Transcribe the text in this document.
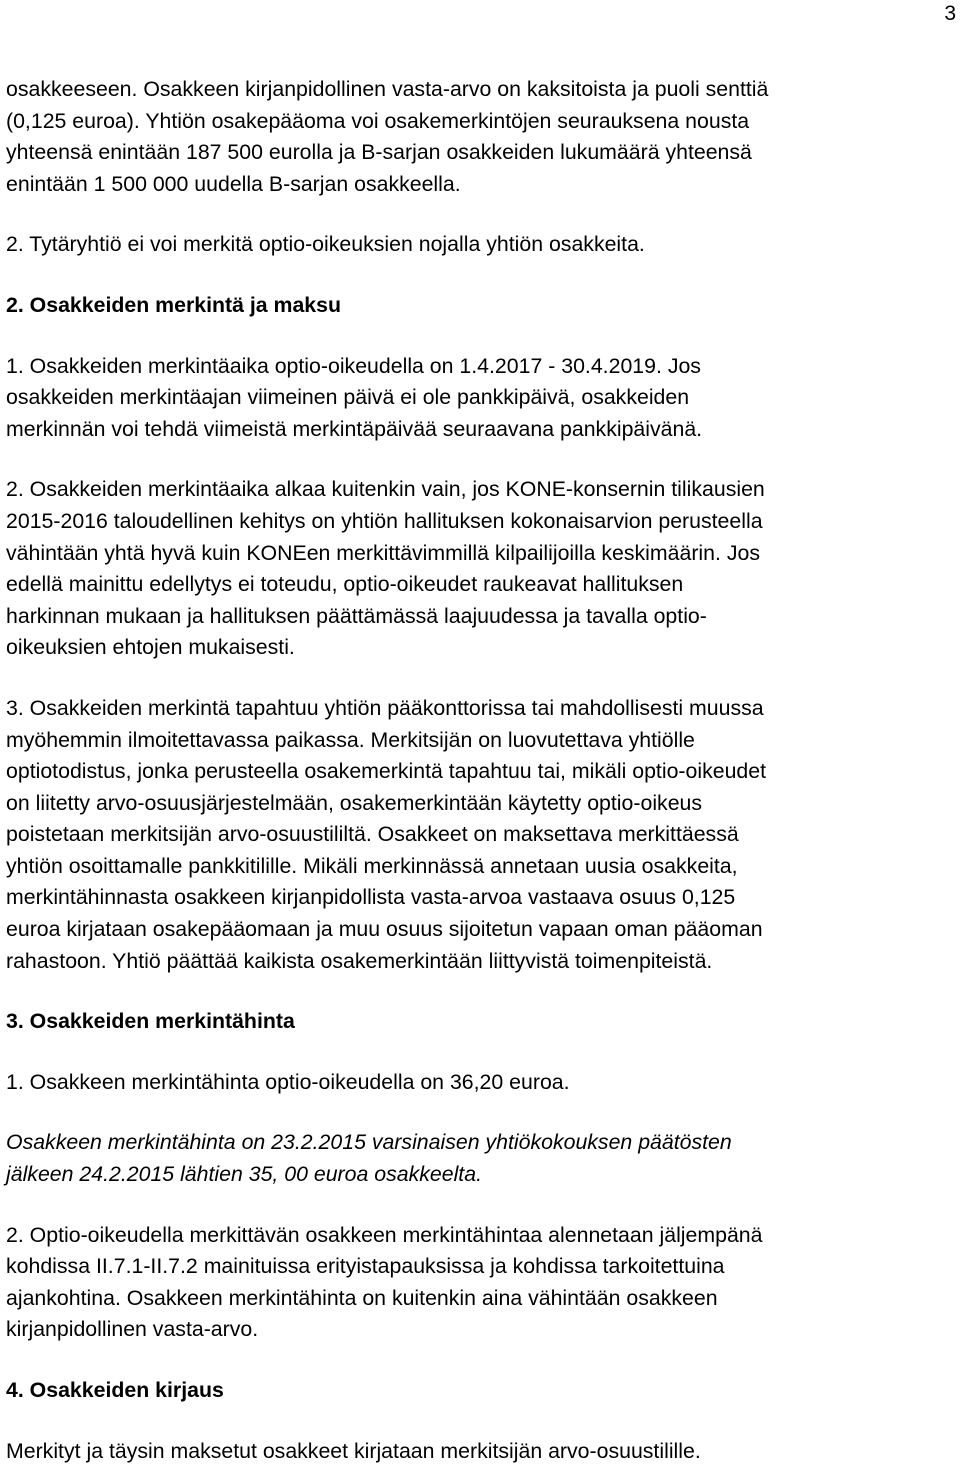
3

osakkeeseen. Osakkeen kirjanpidollinen vasta-arvo on kaksitoista ja puoli senttiä
(0,125 euroa). Yhtiön osakepääoma voi osakemerkintöjen seurauksena nousta
yhteensä enintään 187 500 eurolla ja B-sarjan osakkeiden lukumäärä yhteensä
enintään 1 500 000 uudella B-sarjan osakkeella.

2. Tytäryhtiö ei voi merkitä optio-oikeuksien nojalla yhtiön osakkeita.

2. Osakkeiden merkintä ja maksu

1. Osakkeiden merkintäaika optio-oikeudella on 1.4.2017 - 30.4.2019. Jos
osakkeiden merkintäajan viimeinen päivä ei ole pankkipäivä, osakkeiden
merkinnän voi tehdä viimeistä merkintäpäivää seuraavana pankkipäivänä.

2. Osakkeiden merkintäaika alkaa kuitenkin vain, jos KONE-konsernin tilikausien
2015-2016 taloudellinen kehitys on yhtiön hallituksen kokonaisarvion perusteella
vähintään yhtä hyvä kuin KONEen merkittävimmillä kilpailijoilla keskimäärin. Jos
edellä mainittu edellytys ei toteudu, optio-oikeudet raukeavat hallituksen
harkinnan mukaan ja hallituksen päättämässä laajuudessa ja tavalla optio-
oikeuksien ehtojen mukaisesti.

3. Osakkeiden merkintä tapahtuu yhtiön pääkonttorissa tai mahdollisesti muussa
myöhemmin ilmoitettavassa paikassa. Merkitsijän on luovutettava yhtiölle
optiotodistus, jonka perusteella osakemerkintä tapahtuu tai, mikäli optio-oikeudet
on liitetty arvo-osuusjärjestelmään, osakemerkintään käytetty optio-oikeus
poistetaan merkitsijän arvo-osuustililtä. Osakkeet on maksettava merkittäessä
yhtiön osoittamalle pankkitilille. Mikäli merkinnässä annetaan uusia osakkeita,
merkintähinnasta osakkeen kirjanpidollista vasta-arvoa vastaava osuus 0,125
euroa kirjataan osakepääomaan ja muu osuus sijoitetun vapaan oman pääoman
rahastoon. Yhtiö päättää kaikista osakemerkintään liittyvistä toimenpiteistä.

3. Osakkeiden merkintähinta

1. Osakkeen merkintähinta optio-oikeudella on 36,20 euroa.

Osakkeen merkintähinta on 23.2.2015 varsinaisen yhtiökokouksen päätösten
jälkeen 24.2.2015 lähtien 35, 00 euroa osakkeelta.

2. Optio-oikeudella merkittävän osakkeen merkintähintaa alennetaan jäljempänä
kohdissa II.7.1-II.7.2 mainituissa erityistapauksissa ja kohdissa tarkoitettuina
ajankohtina. Osakkeen merkintähinta on kuitenkin aina vähintään osakkeen
kirjanpidollinen vasta-arvo.

4. Osakkeiden kirjaus

Merkityt ja täysin maksetut osakkeet kirjataan merkitsijän arvo-osuustilille.
